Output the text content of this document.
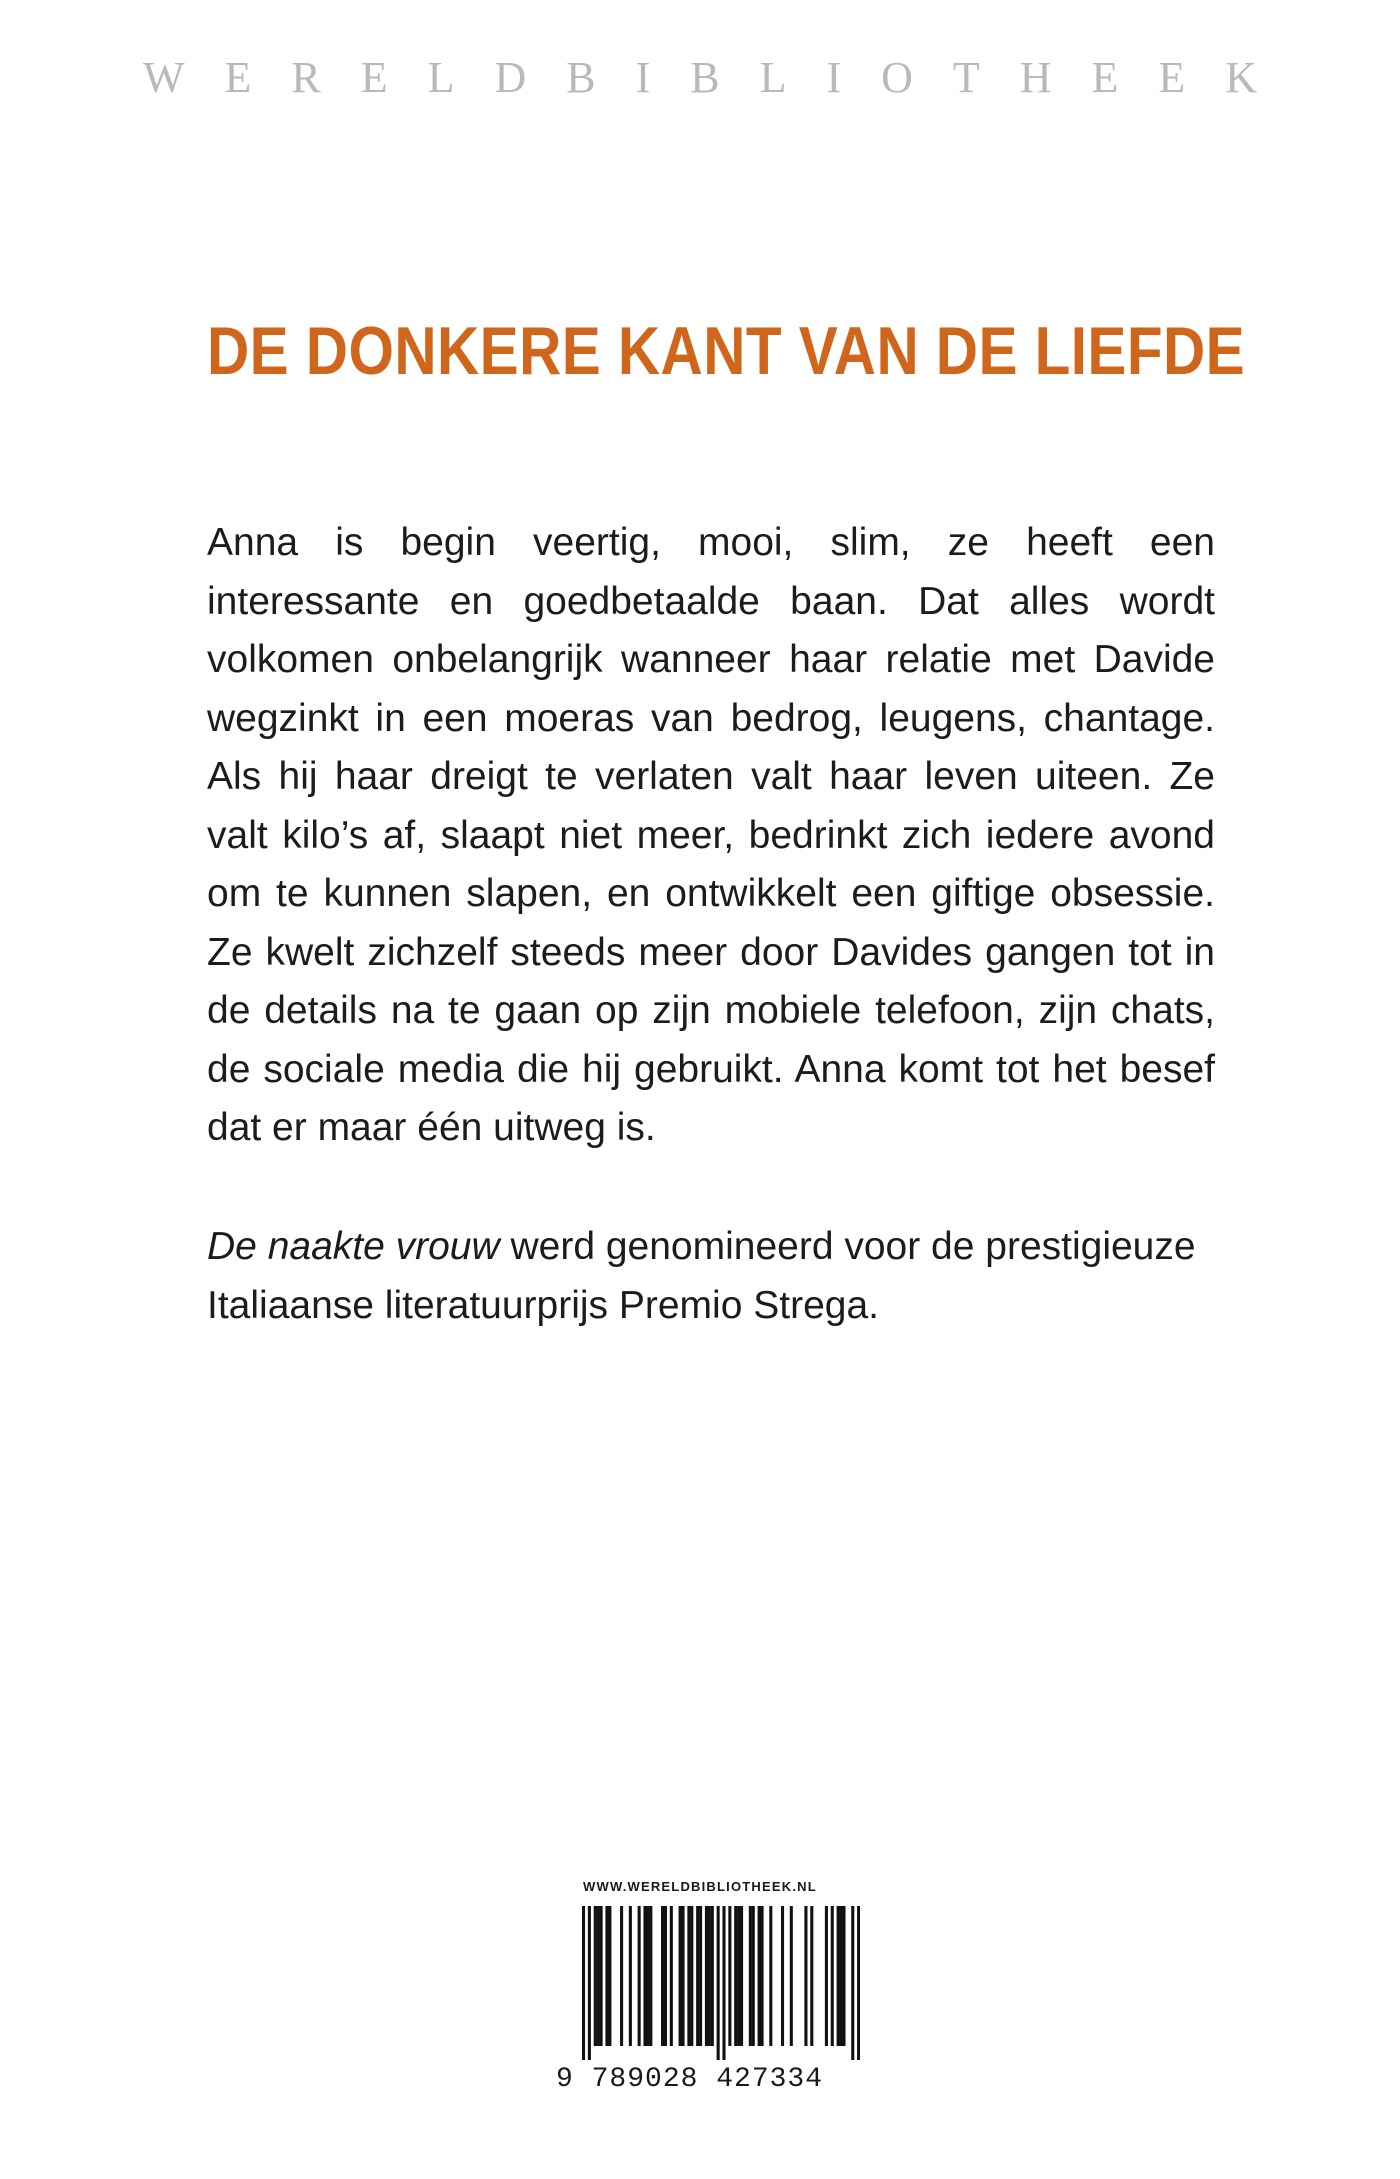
WERELDBIBLIOTHEEK
DE DONKERE KANT VAN DE LIEFDE

Anna is begin veertig, mooi, slim, ze heeft een interessante en goedbetaalde baan. Dat alles wordt volkomen onbelangrijk wanneer haar relatie met Davide wegzinkt in een moeras van bedrog, leugens, chantage. Als hij haar dreigt te verlaten valt haar leven uiteen. Ze valt kilo’s af, slaapt niet meer, bedrinkt zich iedere avond om te kunnen slapen, en ontwikkelt een giftige obsessie. Ze kwelt zichzelf steeds meer door Davides gangen tot in de details na te gaan op zijn mobiele telefoon, zijn chats, de sociale media die hij gebruikt. Anna komt tot het besef dat er maar één uitweg is.

De naakte vrouw werd genomineerd voor de prestigieuze Italiaanse literatuurprijs Premio Strega.

WWW.WERELDBIBLIOTHEEK.NL
9 789028 427334
